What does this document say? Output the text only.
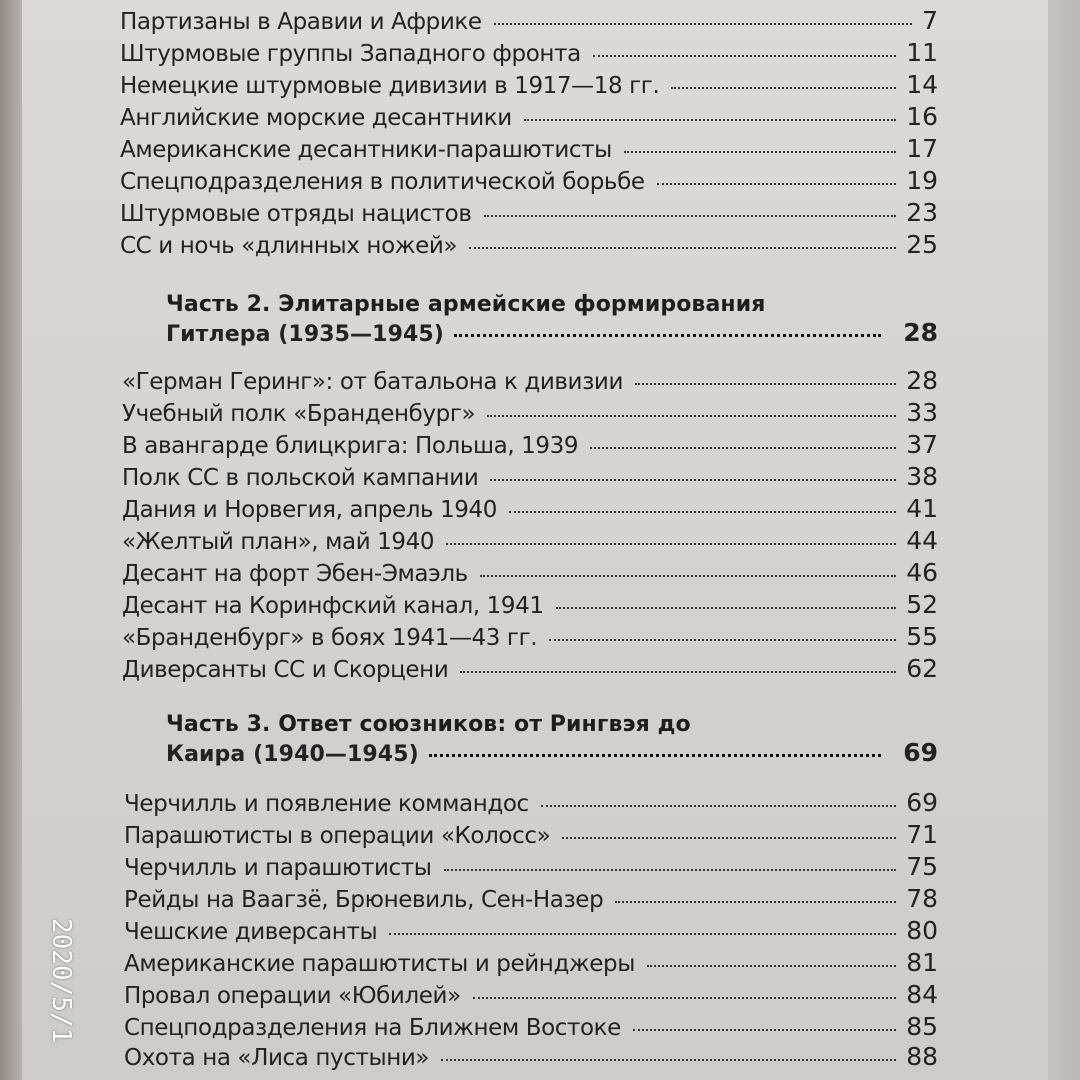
Партизаны в Аравии и Африке	7
Штурмовые группы Западного фронта	11
Немецкие штурмовые дивизии в 1917—18 гг.	14
Английские морские десантники	16
Американские десантники-парашютисты	17
Спецподразделения в политической борьбе	19
Штурмовые отряды нацистов	23
СС и ночь «длинных ножей»	25
Часть 2. Элитарные армейские формирования
Гитлера (1935—1945)	28
«Герман Геринг»: от батальона к дивизии	28
Учебный полк «Бранденбург»	33
В авангарде блицкрига: Польша, 1939	37
Полк СС в польской кампании	38
Дания и Норвегия, апрель 1940	41
«Желтый план», май 1940	44
Десант на форт Эбен-Эмаэль	46
Десант на Коринфский канал, 1941	52
«Бранденбург» в боях 1941—43 гг.	55
Диверсанты СС и Скорцени	62
Часть 3. Ответ союзников: от Рингвэя до
Каира (1940—1945)	69
Черчилль и появление коммандос	69
Парашютисты в операции «Колосс»	71
Черчилль и парашютисты	75
Рейды на Ваагзё, Брюневиль, Сен-Назер	78
Чешские диверсанты	80
Американские парашютисты и рейнджеры	81
Провал операции «Юбилей»	84
Спецподразделения на Ближнем Востоке	85
Охота на «Лиса пустыни»	88
2020/5/1
